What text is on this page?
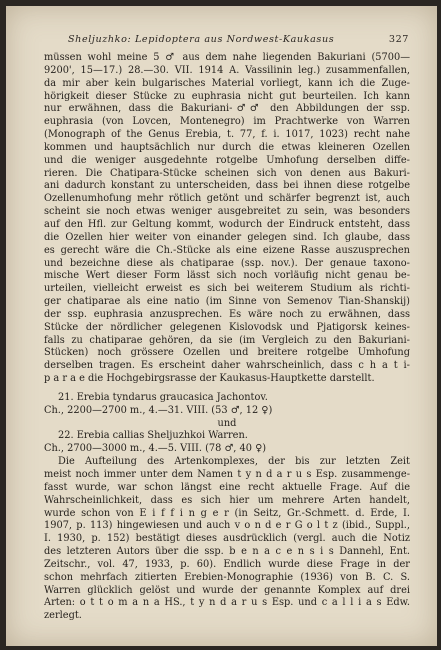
Sheljuzhko: Lepidoptera aus Nordwest-Kaukasus	327
müssen wohl meine 5 ♂ aus dem nahe liegenden Bakuriani (5700—
9200', 15—17.) 28.—30. VII. 1914 A. Vassilinin leg.) zusammenfallen,
da mir aber kein bulgarisches Material vorliegt, kann ich die Zuge-
hörigkeit dieser Stücke zu euphrasia nicht gut beurteilen. Ich kann
nur erwähnen, dass die Bakuriani-♂♂ den Abbildungen der ssp.
euphrasia (von Lovcen, Montenegro) im Prachtwerke von Warren
(Monograph of the Genus Erebia, t. 77, f. i. 1017, 1023) recht nahe
kommen und hauptsächlich nur durch die etwas kleineren Ozellen
und die weniger ausgedehnte rotgelbe Umhofung derselben diffe-
rieren. Die Chatipara-Stücke scheinen sich von denen aus Bakuri-
ani dadurch konstant zu unterscheiden, dass bei ihnen diese rotgelbe
Ozellenumhofung mehr rötlich getönt und schärfer begrenzt ist, auch
scheint sie noch etwas weniger ausgebreitet zu sein, was besonders
auf den Hfl. zur Geltung kommt, wodurch der Eindruck entsteht, dass
die Ozellen hier weiter von einander gelegen sind. Ich glaube, dass
es gerecht wäre die Ch.-Stücke als eine eizene Rasse auszusprechen
und bezeichne diese als chatiparae (ssp. nov.). Der genaue taxono-
mische Wert dieser Form lässt sich noch vorläufig nicht genau be-
urteilen, vielleicht erweist es sich bei weiterem Studium als richti-
ger chatiparae als eine natio (im Sinne von Semenov Tian-Shanskij)
der ssp. euphrasia anzusprechen. Es wäre noch zu erwähnen, dass
Stücke der nördlicher gelegenen Kislovodsk und Pjatigorsk keines-
falls zu chatiparae gehören, da sie (im Vergleich zu den Bakuriani-
Stücken) noch grössere Ozellen und breitere rotgelbe Umhofung
derselben tragen. Es erscheint daher wahrscheinlich, dass c h a t i-
p a r a e die Hochgebirgsrasse der Kaukasus-Hauptkette darstellt.
21. Erebia tyndarus graucasica Jachontov.
Ch., 2200—2700 m., 4.—31. VIII. (53 ♂, 12 ♀)
und
22. Erebia callias Sheljuzhkoi Warren.
Ch., 2700—3000 m., 4.—5. VIII. (78 ♂, 40 ♀)
Die Aufteilung des Artenkomplexes, der bis zur letzten Zeit
meist noch immer unter dem Namen t y n d a r u s Esp. zusammenge-
fasst wurde, war schon längst eine recht aktuelle Frage. Auf die
Wahrscheinlichkeit, dass es sich hier um mehrere Arten handelt,
wurde schon von E i f f i n g e r (in Seitz, Gr.-Schmett. d. Erde, I.
1907, p. 113) hingewiesen und auch v o n d e r G o l t z (ibid., Suppl.,
I. 1930, p. 152) bestätigt dieses ausdrücklich (vergl. auch die Notiz
des letzteren Autors über die ssp. b e n a c e n s i s Dannehl, Ent.
Zeitschr., vol. 47, 1933, p. 60). Endlich wurde diese Frage in der
schon mehrfach zitierten Erebien-Monographie (1936) von B. C. S.
Warren glücklich gelöst und wurde der genannte Komplex auf drei
Arten: o t t o m a n a HS., t y n d a r u s Esp. und c a l l i a s Edw.
zerlegt.
